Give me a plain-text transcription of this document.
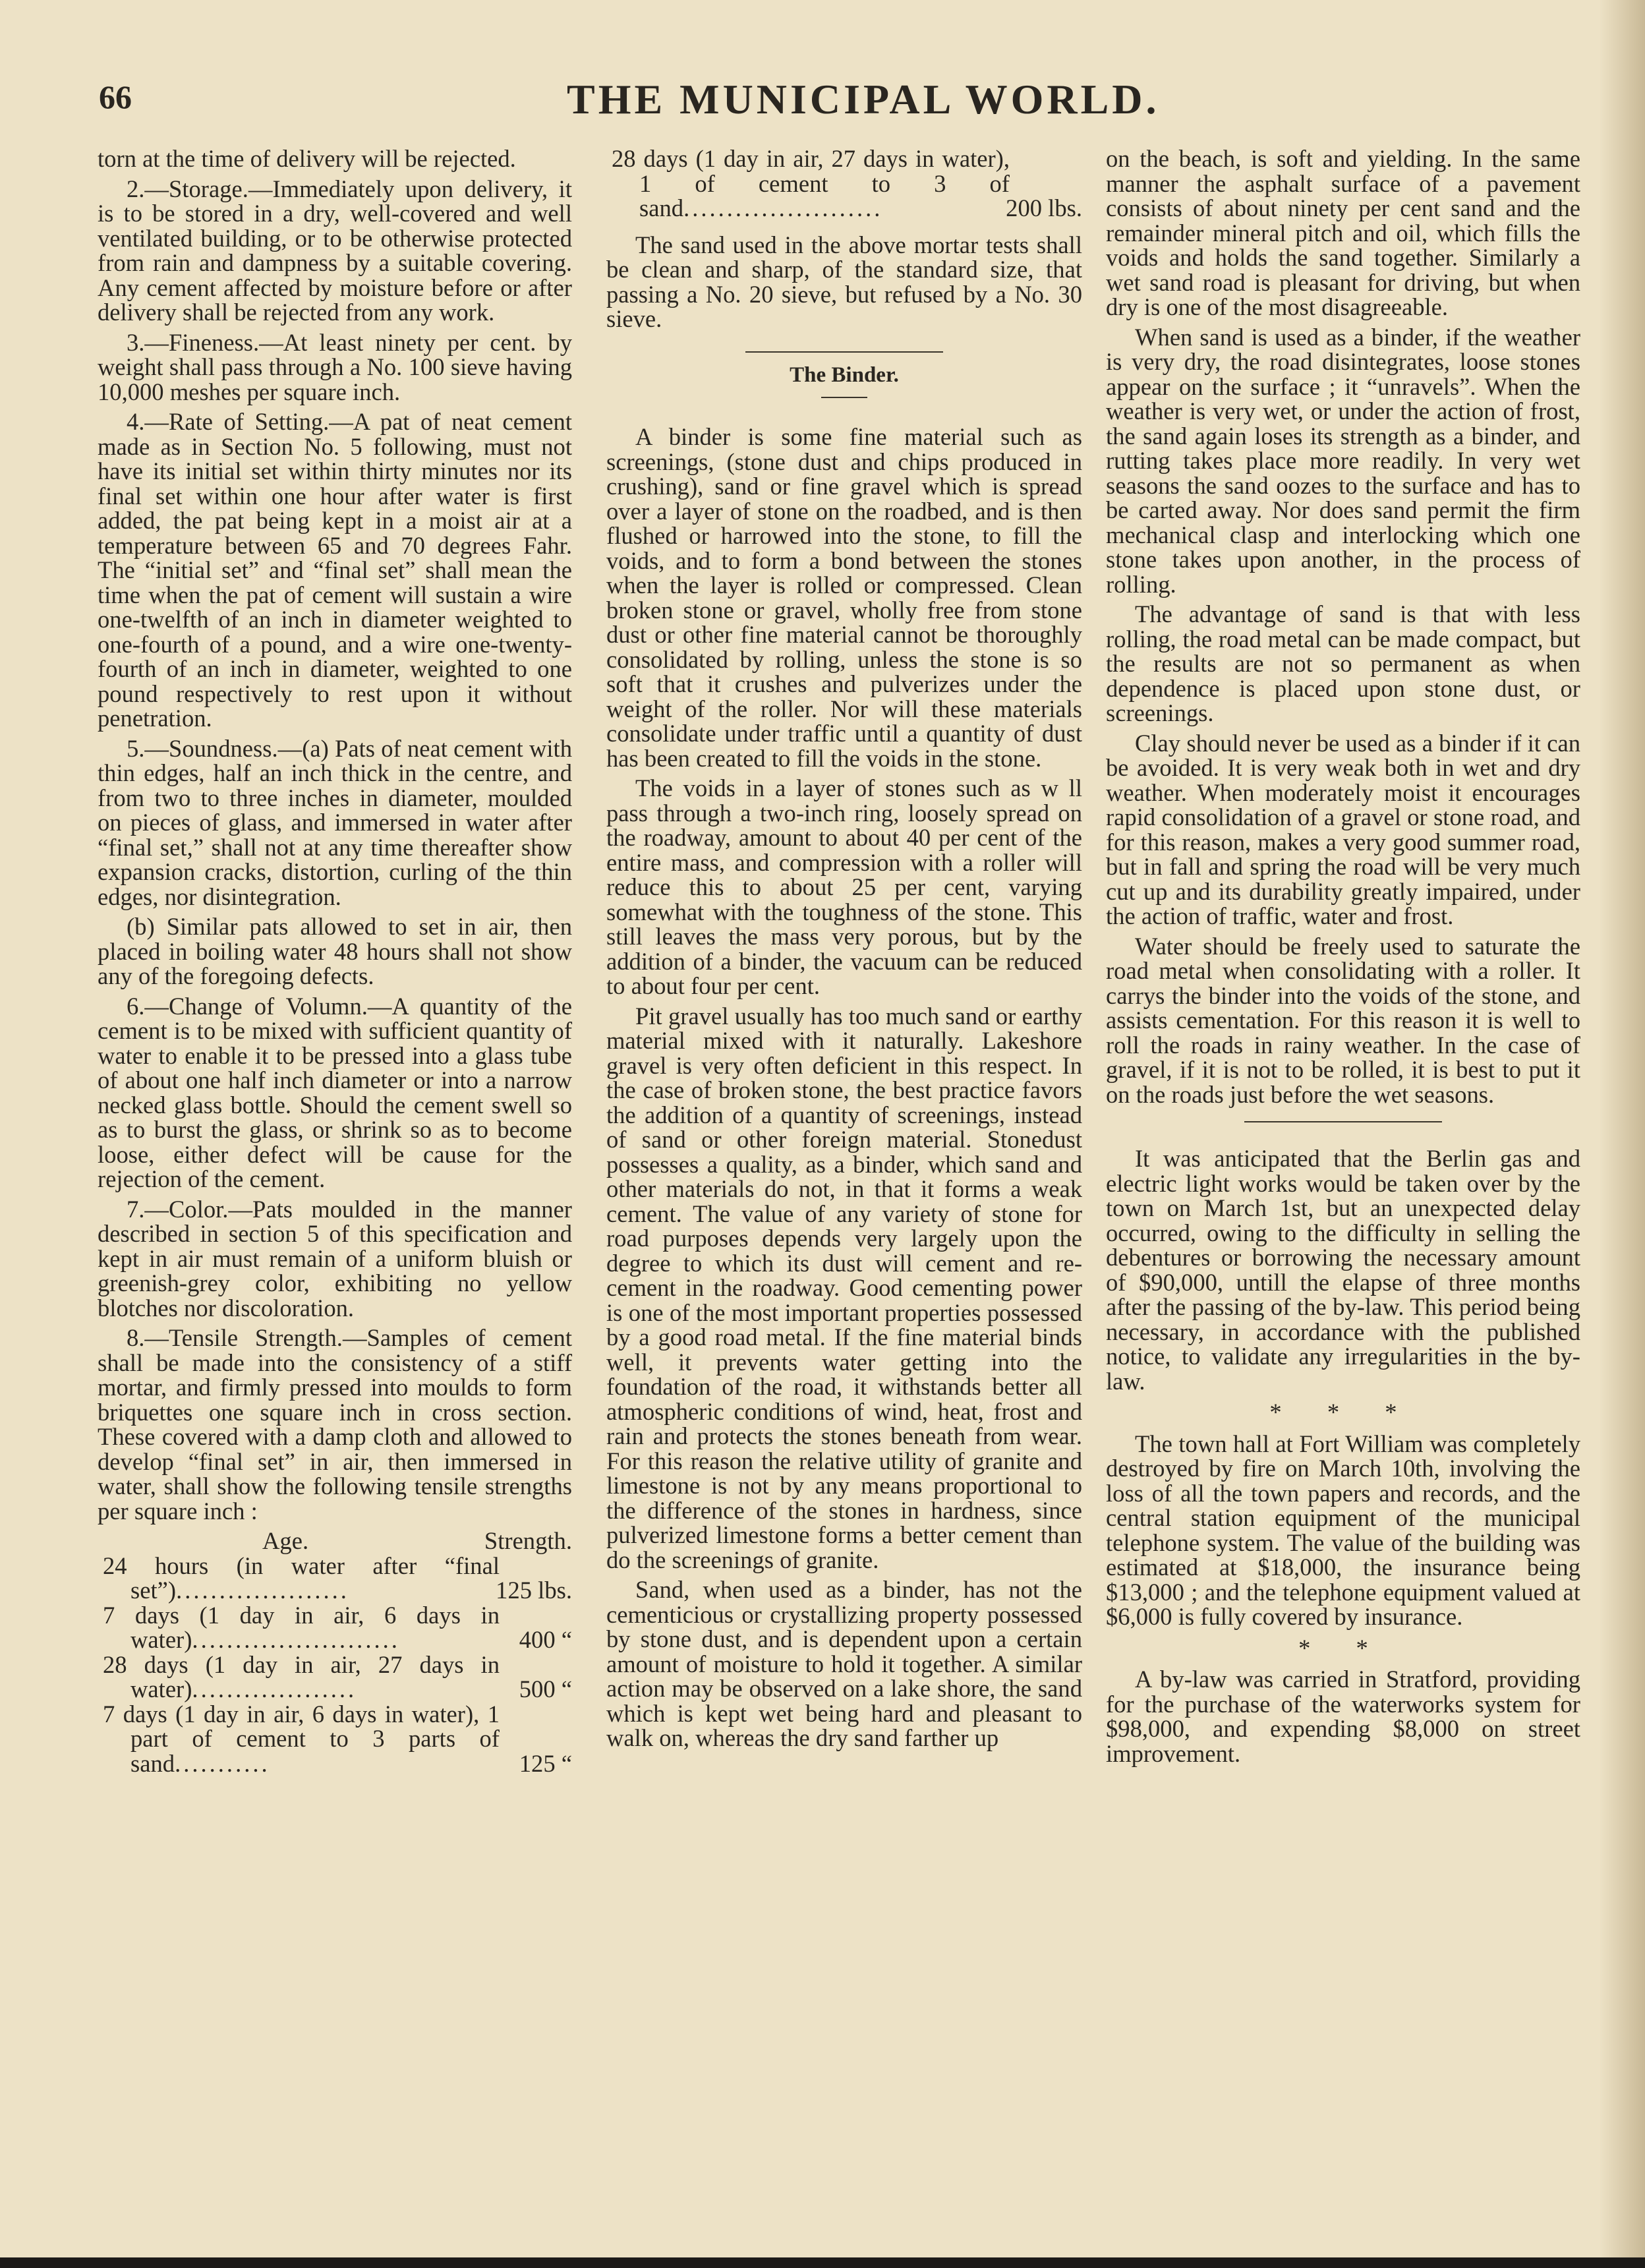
66	THE MUNICIPAL WORLD.

torn at the time of delivery will be rejected.

2.—Storage.—Immediately upon delivery, it is to be stored in a dry, well-covered and well ventilated building, or to be otherwise protected from rain and dampness by a suitable covering. Any cement affected by moisture before or after delivery shall be rejected from any work.

3.—Fineness.—At least ninety per cent. by weight shall pass through a No. 100 sieve having 10,000 meshes per square inch.

4.—Rate of Setting.—A pat of neat cement made as in Section No. 5 following, must not have its initial set within thirty minutes nor its final set within one hour after water is first added, the pat being kept in a moist air at a temperature between 65 and 70 degrees Fahr. The “initial set” and “final set” shall mean the time when the pat of cement will sustain a wire one-twelfth of an inch in diameter weighted to one-fourth of a pound, and a wire one-twenty-fourth of an inch in diameter, weighted to one pound respectively to rest upon it without penetration.

5.—Soundness.—(a) Pats of neat cement with thin edges, half an inch thick in the centre, and from two to three inches in diameter, moulded on pieces of glass, and immersed in water after “final set,” shall not at any time thereafter show expansion cracks, distortion, curling of the thin edges, nor disintegration.

(b) Similar pats allowed to set in air, then placed in boiling water 48 hours shall not show any of the foregoing defects.

6.—Change of Volumn.—A quantity of the cement is to be mixed with sufficient quantity of water to enable it to be pressed into a glass tube of about one half inch diameter or into a narrow necked glass bottle. Should the cement swell so as to burst the glass, or shrink so as to become loose, either defect will be cause for the rejection of the cement.

7.—Color.—Pats moulded in the manner described in section 5 of this specification and kept in air must remain of a uniform bluish or greenish-grey color, exhibiting no yellow blotches nor discoloration.

8.—Tensile Strength.—Samples of cement shall be made into the consistency of a stiff mortar, and firmly pressed into moulds to form briquettes one square inch in cross section. These covered with a damp cloth and allowed to develop “final set” in air, then immersed in water, shall show the following tensile strengths per square inch :

Age.	Strength.
24 hours (in water after “final set”)....................	125 lbs.
7 days (1 day in air, 6 days in water)........................	400 “
28 days (1 day in air, 27 days in water)...................	500 “
7 days (1 day in air, 6 days in water), 1 part of cement to 3 parts of sand...........	125 “
28 days (1 day in air, 27 days in water), 1 of cement to 3 of sand.......................	200 lbs.

The sand used in the above mortar tests shall be clean and sharp, of the standard size, that passing a No. 20 sieve, but refused by a No. 30 sieve.

The Binder.

A binder is some fine material such as screenings, (stone dust and chips produced in crushing), sand or fine gravel which is spread over a layer of stone on the roadbed, and is then flushed or harrowed into the stone, to fill the voids, and to form a bond between the stones when the layer is rolled or compressed. Clean broken stone or gravel, wholly free from stone dust or other fine material cannot be thoroughly consolidated by rolling, unless the stone is so soft that it crushes and pulverizes under the weight of the roller. Nor will these materials consolidate under traffic until a quantity of dust has been created to fill the voids in the stone.

The voids in a layer of stones such as w ll pass through a two-inch ring, loosely spread on the roadway, amount to about 40 per cent of the entire mass, and compression with a roller will reduce this to about 25 per cent, varying somewhat with the toughness of the stone. This still leaves the mass very porous, but by the addition of a binder, the vacuum can be reduced to about four per cent.

Pit gravel usually has too much sand or earthy material mixed with it naturally. Lakeshore gravel is very often deficient in this respect. In the case of broken stone, the best practice favors the addition of a quantity of screenings, instead of sand or other foreign material. Stonedust possesses a quality, as a binder, which sand and other materials do not, in that it forms a weak cement. The value of any variety of stone for road purposes depends very largely upon the degree to which its dust will cement and re-cement in the roadway. Good cementing power is one of the most important properties possessed by a good road metal. If the fine material binds well, it prevents water getting into the foundation of the road, it withstands better all atmospheric conditions of wind, heat, frost and rain and protects the stones beneath from wear. For this reason the relative utility of granite and limestone is not by any means proportional to the difference of the stones in hardness, since pulverized limestone forms a better cement than do the screenings of granite.

Sand, when used as a binder, has not the cementicious or crystallizing property possessed by stone dust, and is dependent upon a certain amount of moisture to hold it together. A similar action may be observed on a lake shore, the sand which is kept wet being hard and pleasant to walk on, whereas the dry sand farther up

on the beach, is soft and yielding. In the same manner the asphalt surface of a pavement consists of about ninety per cent sand and the remainder mineral pitch and oil, which fills the voids and holds the sand together. Similarly a wet sand road is pleasant for driving, but when dry is one of the most disagreeable.

When sand is used as a binder, if the weather is very dry, the road disintegrates, loose stones appear on the surface ; it “unravels”. When the weather is very wet, or under the action of frost, the sand again loses its strength as a binder, and rutting takes place more readily. In very wet seasons the sand oozes to the surface and has to be carted away. Nor does sand permit the firm mechanical clasp and interlocking which one stone takes upon another, in the process of rolling.

The advantage of sand is that with less rolling, the road metal can be made compact, but the results are not so permanent as when dependence is placed upon stone dust, or screenings.

Clay should never be used as a binder if it can be avoided. It is very weak both in wet and dry weather. When moderately moist it encourages rapid consolidation of a gravel or stone road, and for this reason, makes a very good summer road, but in fall and spring the road will be very much cut up and its durability greatly impaired, under the action of traffic, water and frost.

Water should be freely used to saturate the road metal when consolidating with a roller. It carrys the binder into the voids of the stone, and assists cementation. For this reason it is well to roll the roads in rainy weather. In the case of gravel, if it is not to be rolled, it is best to put it on the roads just before the wet seasons.

It was anticipated that the Berlin gas and electric light works would be taken over by the town on March 1st, but an unexpected delay occurred, owing to the difficulty in selling the debentures or borrowing the necessary amount of $90,000, untill the elapse of three months after the passing of the by-law. This period being necessary, in accordance with the published notice, to validate any irregularities in the by-law.

* * *

The town hall at Fort William was completely destroyed by fire on March 10th, involving the loss of all the town papers and records, and the central station equipment of the municipal telephone system. The value of the building was estimated at $18,000, the insurance being $13,000 ; and the telephone equipment valued at $6,000 is fully covered by insurance.

* *

A by-law was carried in Stratford, providing for the purchase of the waterworks system for $98,000, and expending $8,000 on street improvement.
